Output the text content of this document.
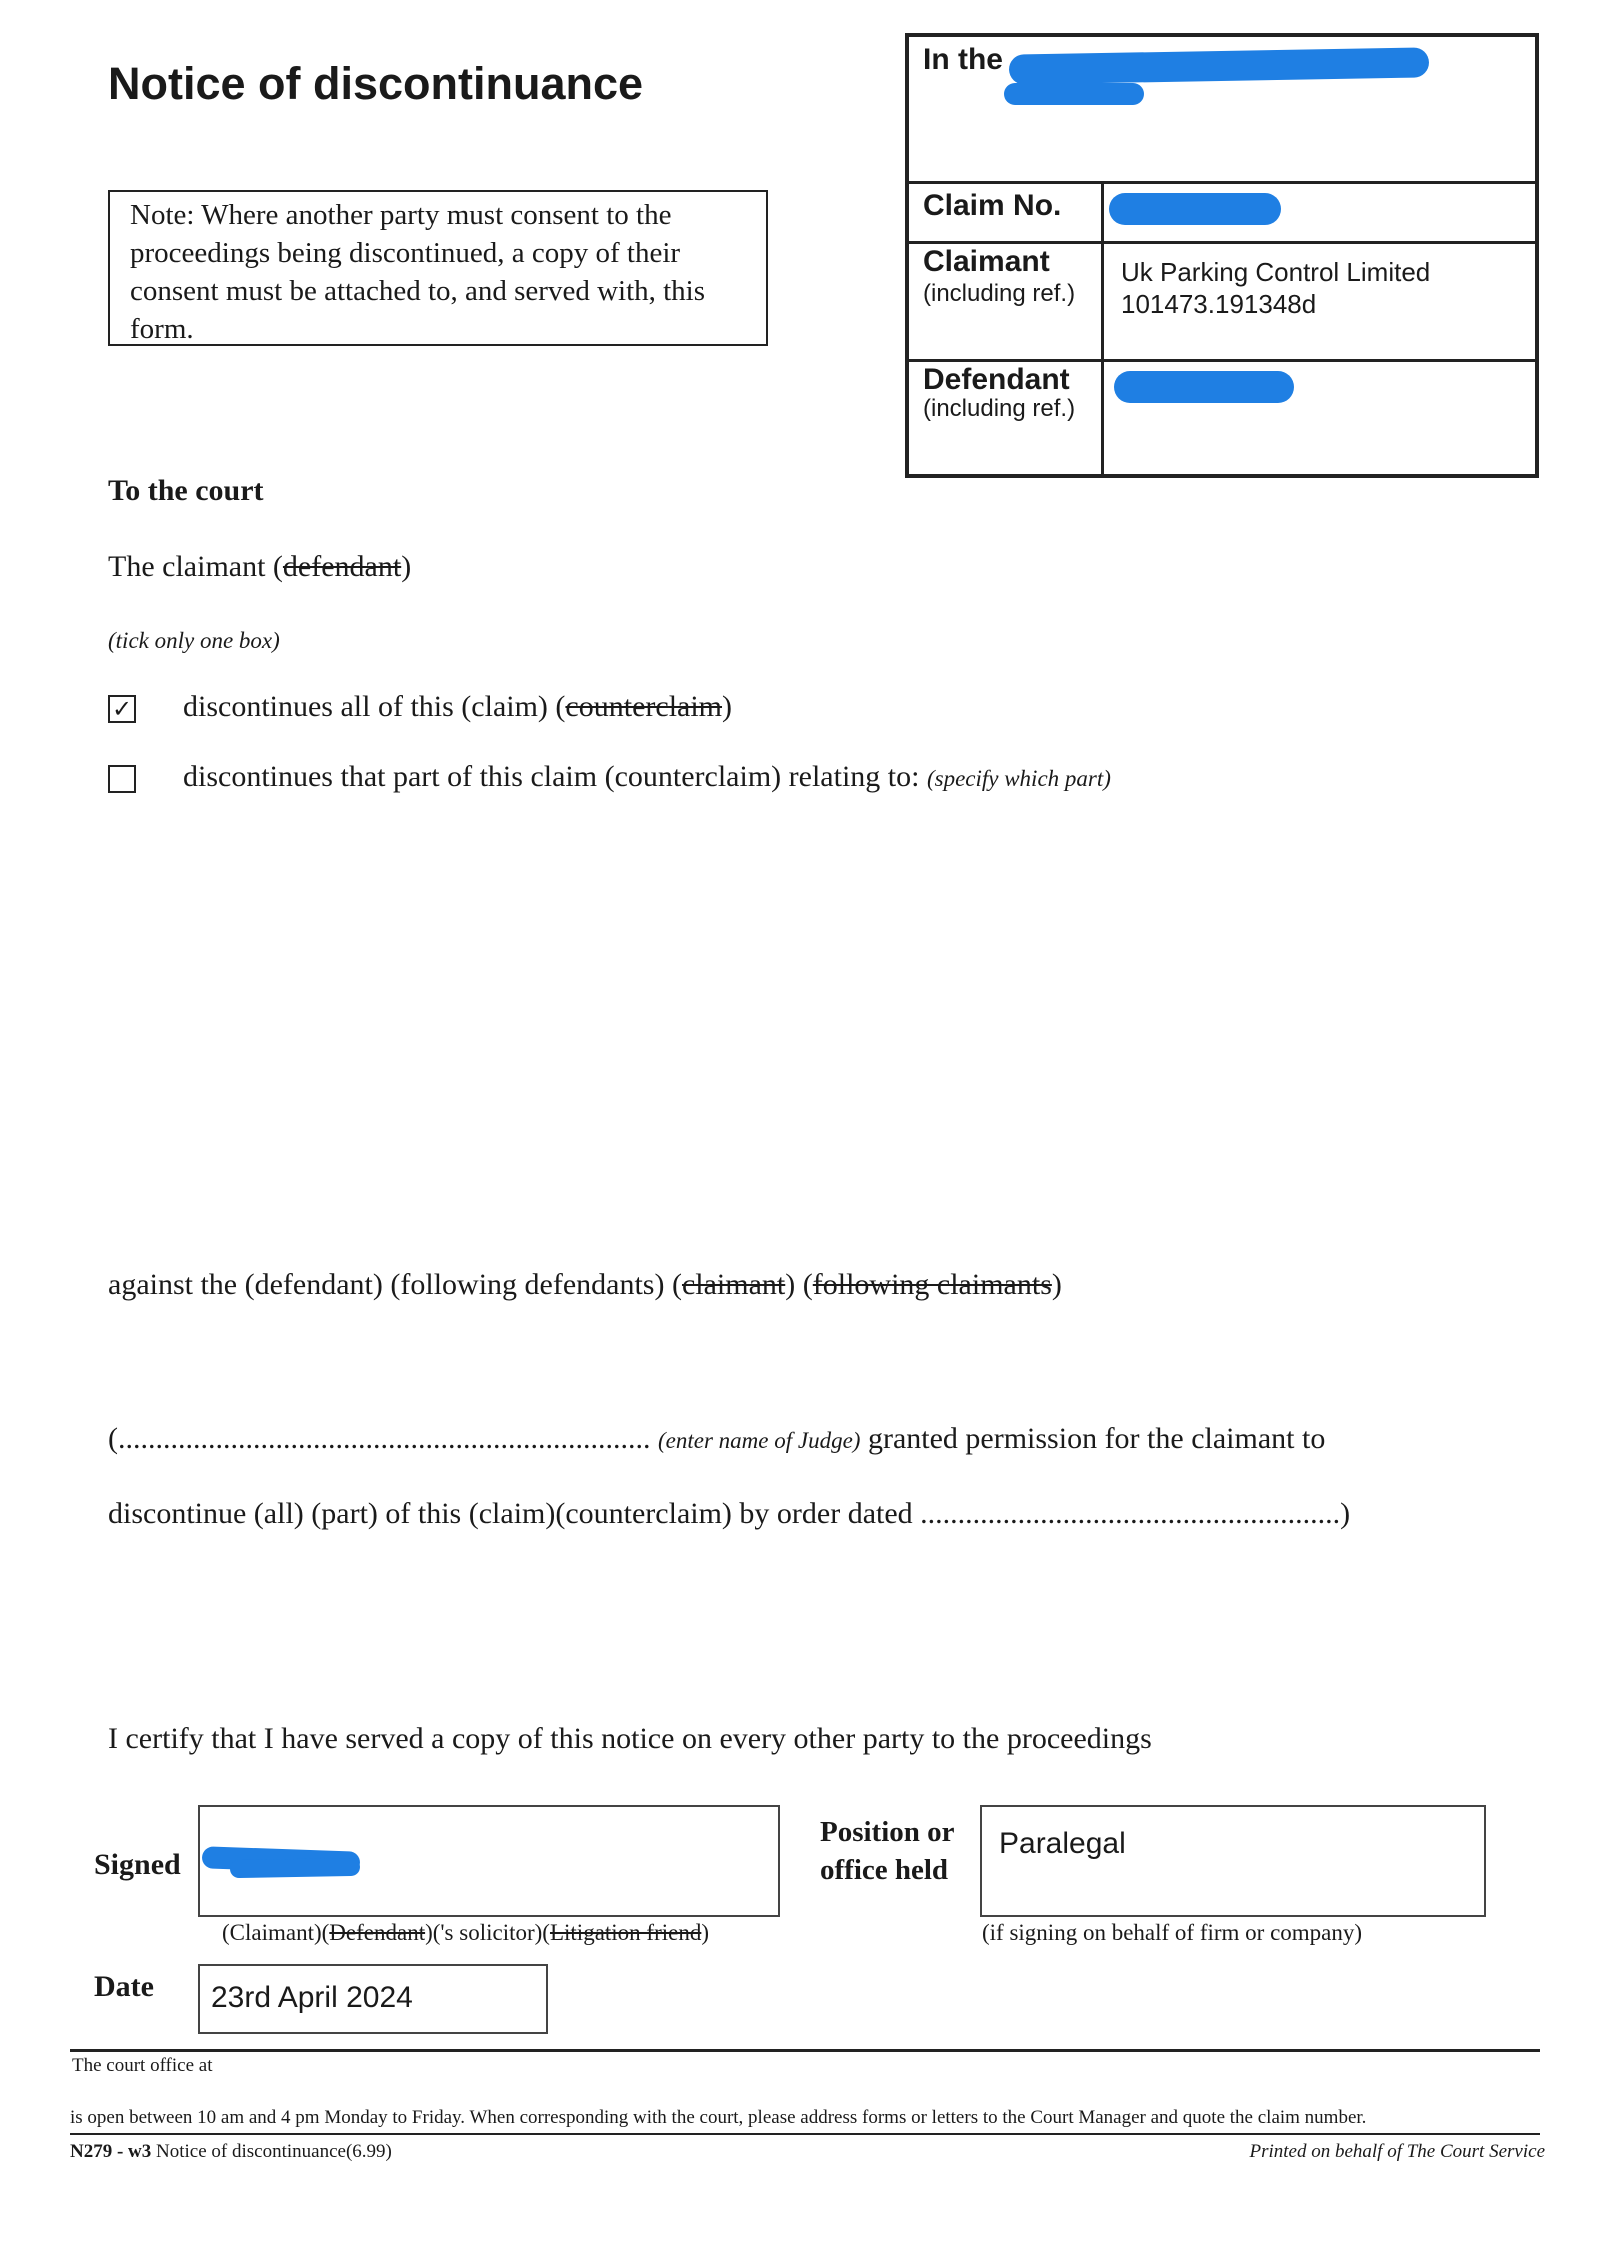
Notice of discontinuance
Note: Where another party must consent to the proceedings being discontinued, a copy of their consent must be attached to, and served with, this form.
In the
Claim No.
Claimant
(including ref.)
Uk Parking Control Limited
101473.191348d
Defendant
(including ref.)
To the court
The claimant (defendant)
(tick only one box)
✓ discontinues all of this (claim) (counterclaim)
discontinues that part of this claim (counterclaim) relating to: (specify which part)
against the (defendant) (following defendants) (claimant) (following claimants)
(....................................................................... (enter name of Judge) granted permission for the claimant to
discontinue (all) (part) of this (claim)(counterclaim) by order dated ........................................................)
I certify that I have served a copy of this notice on every other party to the proceedings
Signed
Position or
office held
Paralegal
(Claimant)(Defendant)('s solicitor)(Litigation friend)	(if signing on behalf of firm or company)
Date 23rd April 2024
The court office at
is open between 10 am and 4 pm Monday to Friday. When corresponding with the court, please address forms or letters to the Court Manager and quote the claim number.
N279 - w3 Notice of discontinuance(6.99)	Printed on behalf of The Court Service
